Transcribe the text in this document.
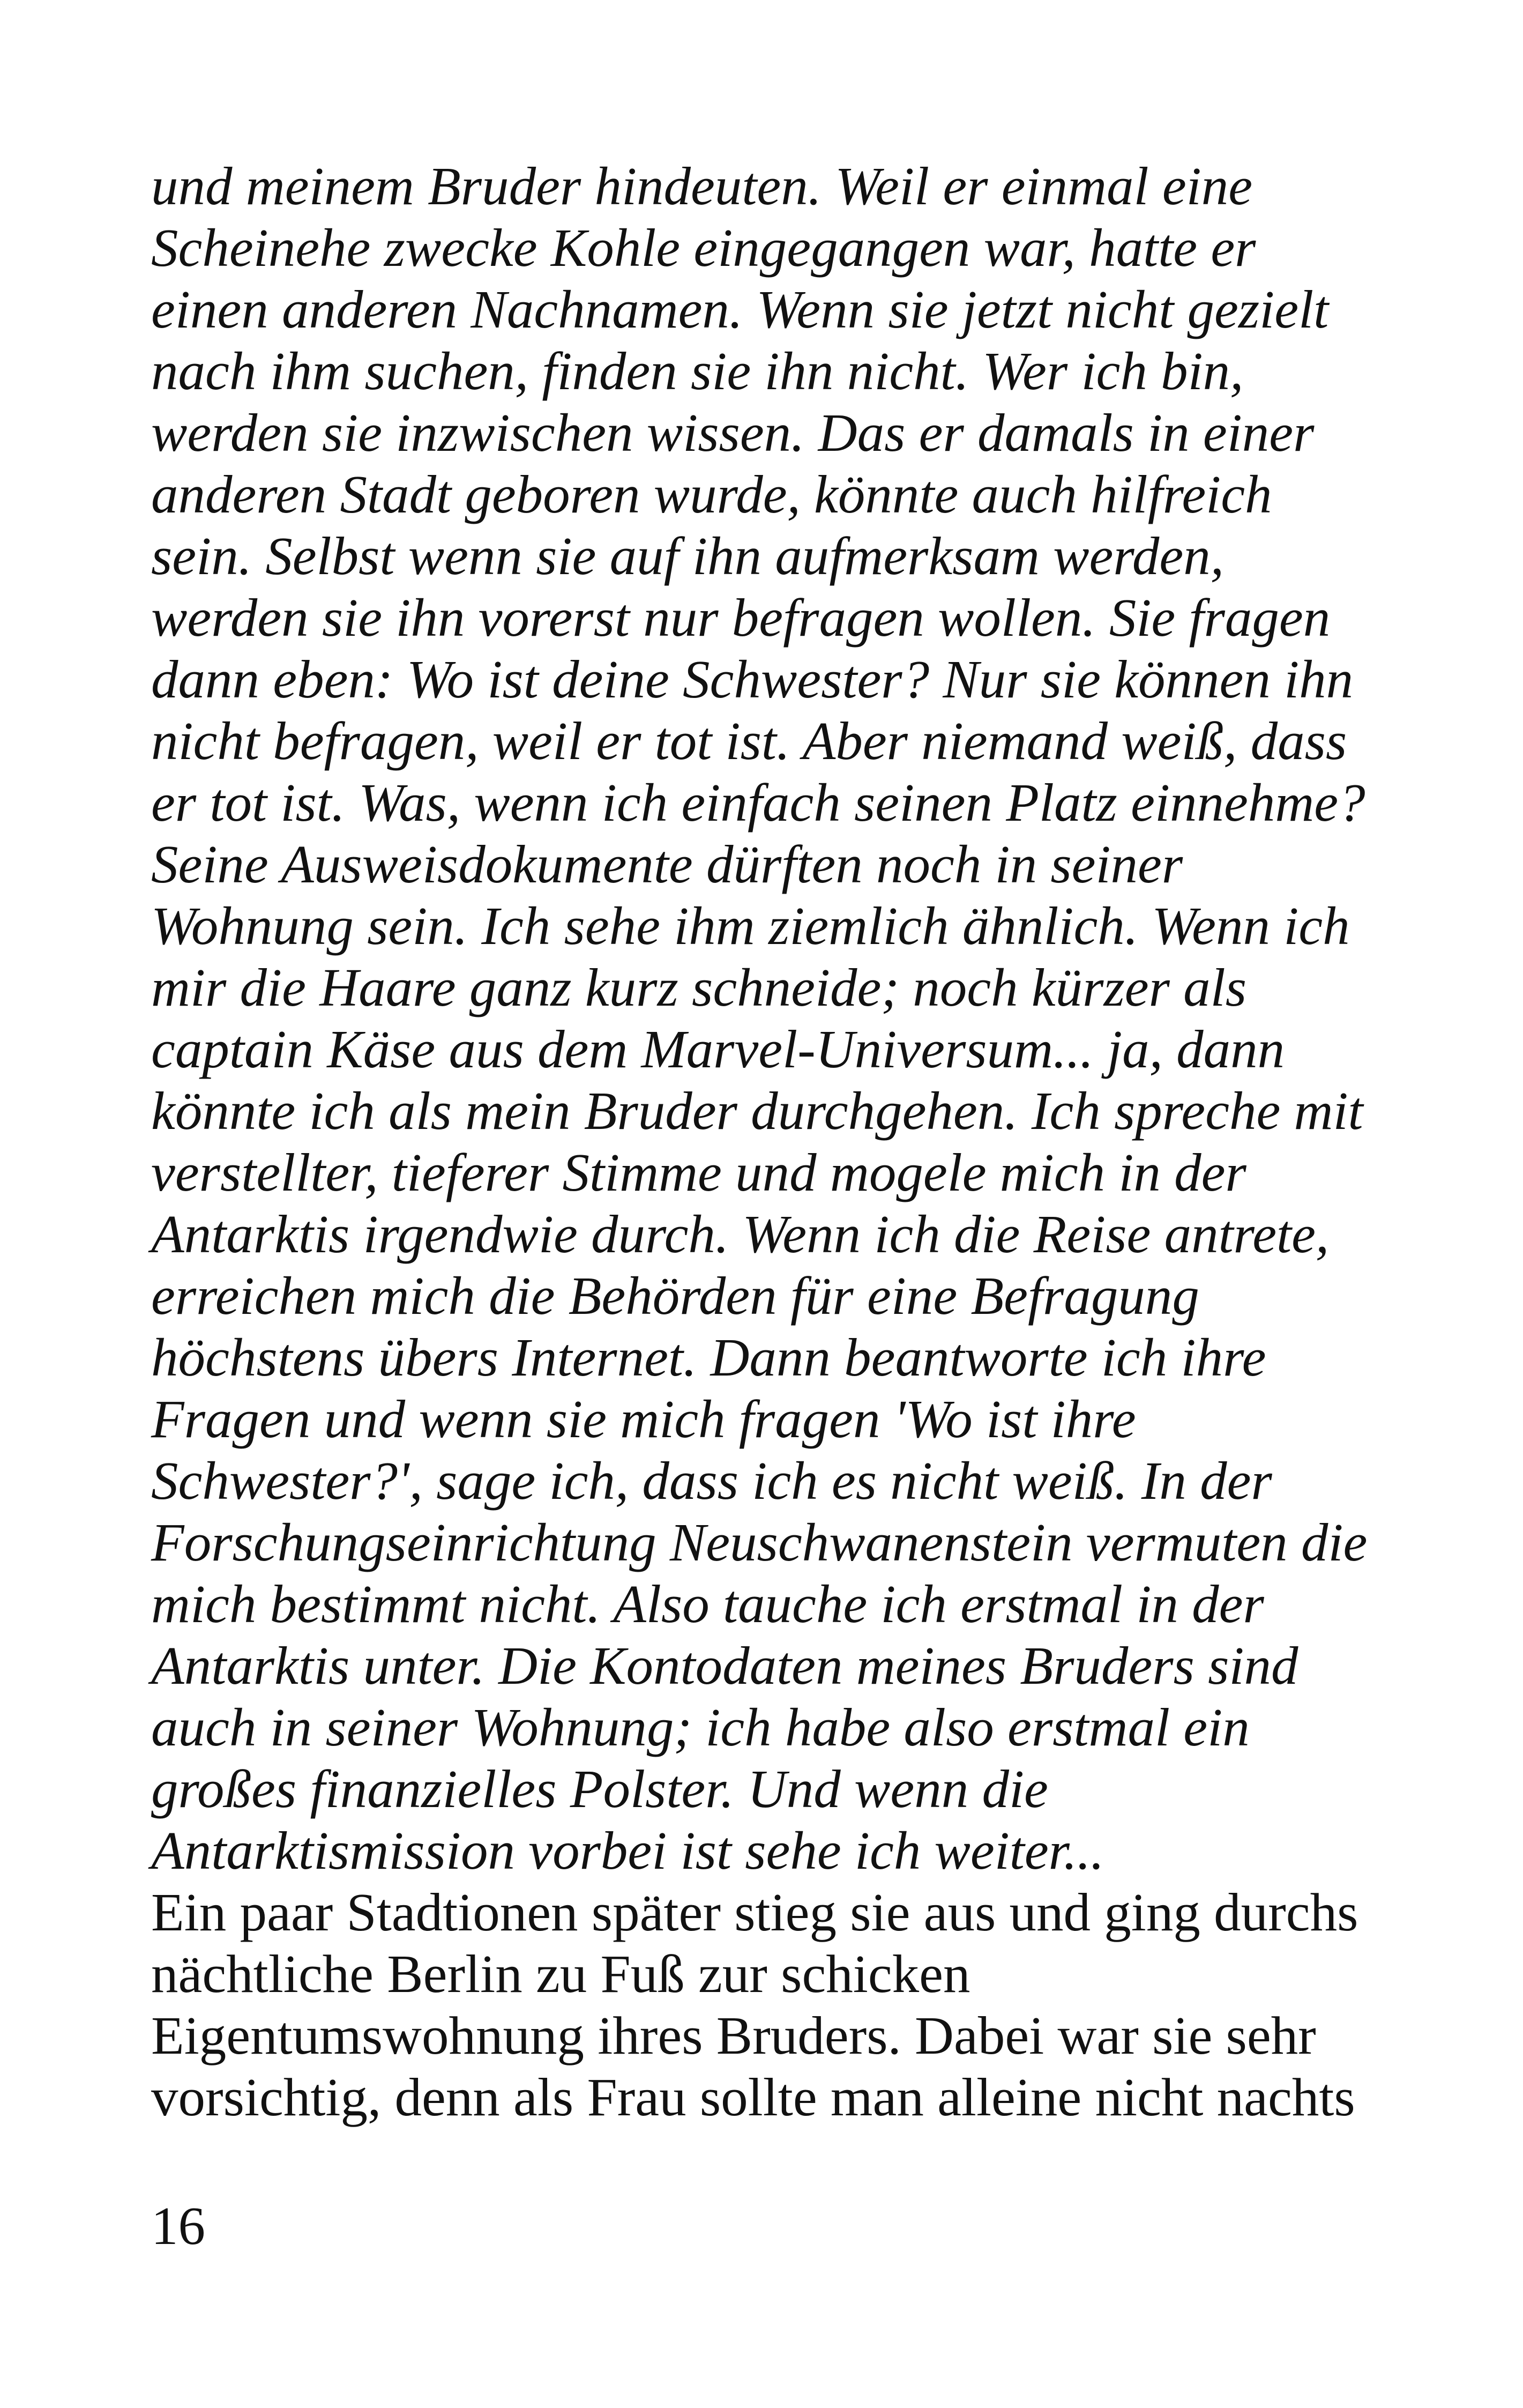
und meinem Bruder hindeuten. Weil er einmal eine
Scheinehe zwecke Kohle eingegangen war, hatte er
einen anderen Nachnamen. Wenn sie jetzt nicht gezielt
nach ihm suchen, finden sie ihn nicht. Wer ich bin,
werden sie inzwischen wissen. Das er damals in einer
anderen Stadt geboren wurde, könnte auch hilfreich
sein. Selbst wenn sie auf ihn aufmerksam werden,
werden sie ihn vorerst nur befragen wollen. Sie fragen
dann eben: Wo ist deine Schwester? Nur sie können ihn
nicht befragen, weil er tot ist. Aber niemand weiß, dass
er tot ist. Was, wenn ich einfach seinen Platz einnehme?
Seine Ausweisdokumente dürften noch in seiner
Wohnung sein. Ich sehe ihm ziemlich ähnlich. Wenn ich
mir die Haare ganz kurz schneide; noch kürzer als
captain Käse aus dem Marvel-Universum... ja, dann
könnte ich als mein Bruder durchgehen. Ich spreche mit
verstellter, tieferer Stimme und mogele mich in der
Antarktis irgendwie durch. Wenn ich die Reise antrete,
erreichen mich die Behörden für eine Befragung
höchstens übers Internet. Dann beantworte ich ihre
Fragen und wenn sie mich fragen 'Wo ist ihre
Schwester?', sage ich, dass ich es nicht weiß. In der
Forschungseinrichtung Neuschwanenstein vermuten die
mich bestimmt nicht. Also tauche ich erstmal in der
Antarktis unter. Die Kontodaten meines Bruders sind
auch in seiner Wohnung; ich habe also erstmal ein
großes finanzielles Polster. Und wenn die
Antarktismission vorbei ist sehe ich weiter...
Ein paar Stadtionen später stieg sie aus und ging durchs
nächtliche Berlin zu Fuß zur schicken
Eigentumswohnung ihres Bruders. Dabei war sie sehr
vorsichtig, denn als Frau sollte man alleine nicht nachts
16
